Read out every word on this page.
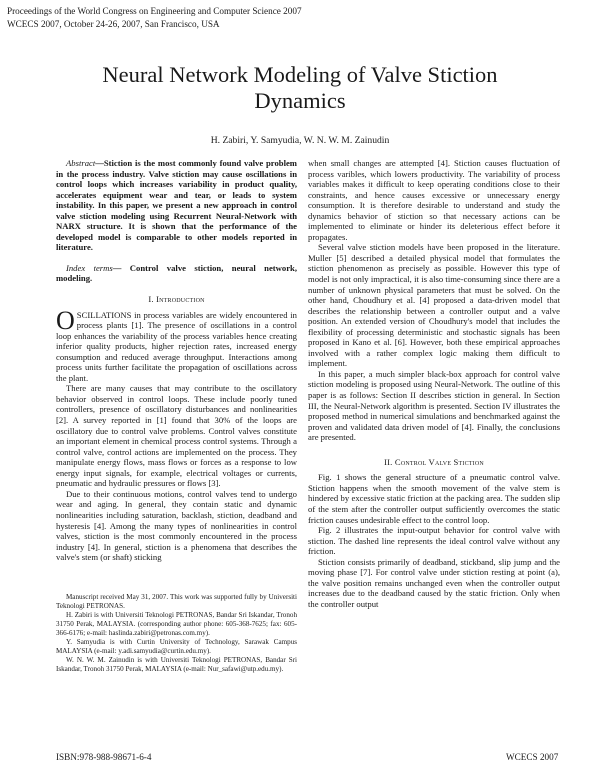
Proceedings of the World Congress on Engineering and Computer Science 2007
WCECS 2007, October 24-26, 2007, San Francisco, USA
Neural Network Modeling of Valve Stiction
Dynamics
H. Zabiri, Y. Samyudia, W. N. W. M. Zainudin

Abstract—Stiction is the most commonly found valve problem in the process industry. Valve stiction may cause oscillations in control loops which increases variability in product quality, accelerates equipment wear and tear, or leads to system instability. In this paper, we present a new approach in control valve stiction modeling using Recurrent Neural-Network with NARX structure. It is shown that the performance of the developed model is comparable to other models reported in literature.

Index terms— Control valve stiction, neural network, modeling.

I. Introduction

OSCILLATIONS in process variables are widely encountered in process plants [1]. The presence of oscillations in a control loop enhances the variability of the process variables hence creating inferior quality products, higher rejection rates, increased energy consumption and reduced average throughput. Interactions among process units further facilitate the propagation of oscillations across the plant.

There are many causes that may contribute to the oscillatory behavior observed in control loops. These include poorly tuned controllers, presence of oscillatory disturbances and nonlinearities [2]. A survey reported in [1] found that 30% of the loops are oscillatory due to control valve problems. Control valves constitute an important element in chemical process control systems. Through a control valve, control actions are implemented on the process. They manipulate energy flows, mass flows or forces as a response to low energy input signals, for example, electrical voltages or currents, pneumatic and hydraulic pressures or flows [3].

Due to their continuous motions, control valves tend to undergo wear and aging. In general, they contain static and dynamic nonlinearities including saturation, backlash, stiction, deadband and hysteresis [4]. Among the many types of nonlinearities in control valves, stiction is the most commonly encountered in the process industry [4]. In general, stiction is a phenomena that describes the valve's stem (or shaft) sticking

Manuscript received May 31, 2007. This work was supported fully by Universiti Teknologi PETRONAS.

H. Zabiri is with Universiti Teknologi PETRONAS, Bandar Sri Iskandar, Tronoh 31750 Perak, MALAYSIA. (corresponding author phone: 605-368-7625; fax: 605-366-6176; e-mail: haslinda.zabiri@petronas.com.my).

Y. Samyudia is with Curtin University of Technology, Sarawak Campus MALAYSIA (e-mail: y.adi.samyudia@curtin.edu.my).

W. N. W. M. Zainudin is with Universiti Teknologi PETRONAS, Bandar Sri Iskandar, Tronoh 31750 Perak, MALAYSIA (e-mail: Nur_safawi@utp.edu.my).

when small changes are attempted [4]. Stiction causes fluctuation of process varibles, which lowers productivity. The variability of process variables makes it difficult to keep operating conditions close to their constraints, and hence causes excessive or unnecessary energy consumption. It is therefore desirable to understand and study the dynamics behavior of stiction so that necessary actions can be implemented to eliminate or hinder its deleterious effect before it propagates.

Several valve stiction models have been proposed in the literature. Muller [5] described a detailed physical model that formulates the stiction phenomenon as precisely as possible. However this type of model is not only impractical, it is also time-consuming since there are a number of unknown physical parameters that must be solved. On the other hand, Choudhury et al. [4] proposed a data-driven model that describes the relationship between a controller output and a valve position. An extended version of Choudhury's model that includes the flexibility of processing deterministic and stochastic signals has been proposed in Kano et al. [6]. However, both these empirical approaches involved with a rather complex logic making them difficult to implement.

In this paper, a much simpler black-box approach for control valve stiction modeling is proposed using Neural-Network. The outline of this paper is as follows: Section II describes stiction in general. In Section III, the Neural-Network algorithm is presented. Section IV illustrates the proposed method in numerical simulations and benchmarked against the proven and validated data driven model of [4]. Finally, the conclusions are presented.

II. Control Valve Stiction

Fig. 1 shows the general structure of a pneumatic control valve. Stiction happens when the smooth movement of the valve stem is hindered by excessive static friction at the packing area. The sudden slip of the stem after the controller output sufficiently overcomes the static friction causes undesirable effect to the control loop.

Fig. 2 illustrates the input-output behavior for control valve with stiction. The dashed line represents the ideal control valve without any friction.

Stiction consists primarily of deadband, stickband, slip jump and the moving phase [7]. For control valve under stiction resting at point (a), the valve position remains unchanged even when the controller output increases due to the deadband caused by the static friction. Only when the controller output

ISBN:978-988-98671-6-4	WCECS 2007
